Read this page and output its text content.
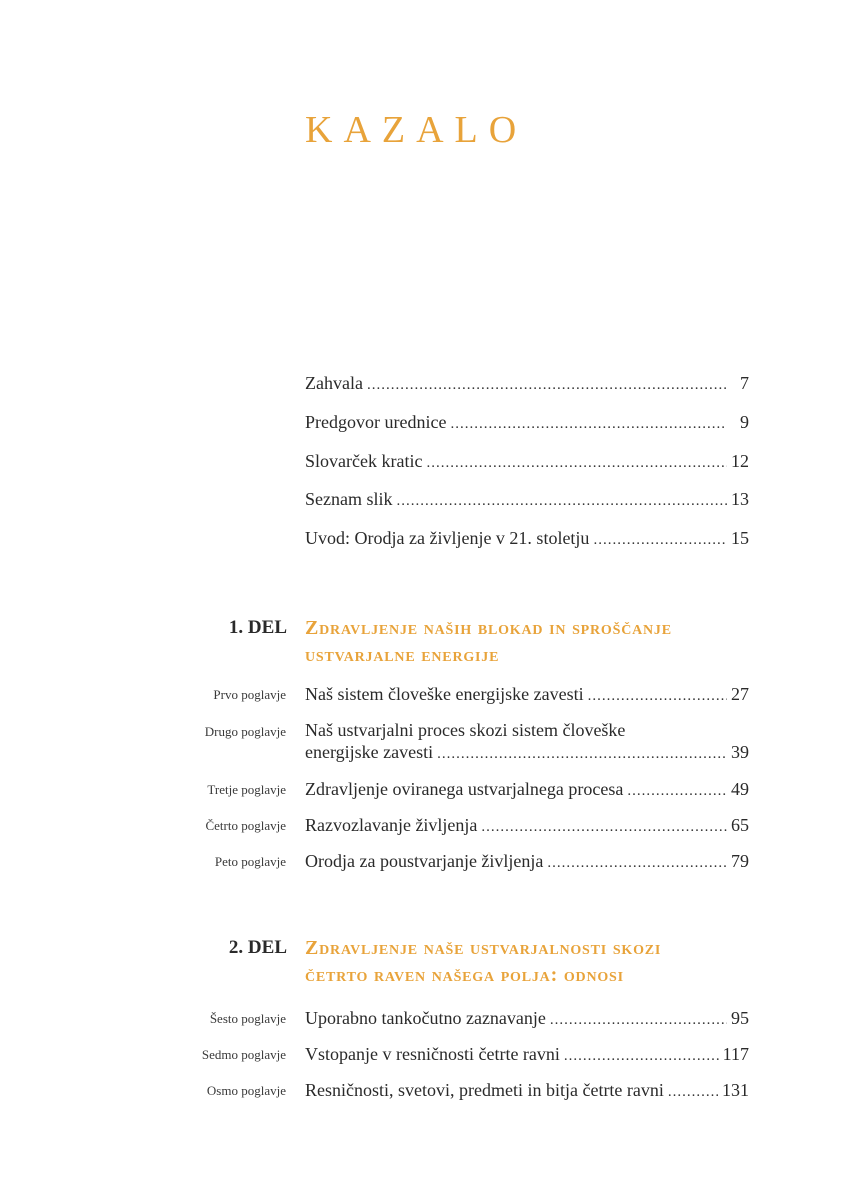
KAZALO
Zahvala .....	7
Predgovor urednice .....	9
Slovarček kratic .....	12
Seznam slik .....	13
Uvod: Orodja za življenje v 21. stoletju .....	15
1. DEL Zdravljenje naših blokad in sproščanje
ustvarjalne energije
Prvo poglavje Naš sistem človeške energijske zavesti .....	27
Drugo poglavje Naš ustvarjalni proces skozi sistem človeške
energijske zavesti .....	39
Tretje poglavje Zdravljenje oviranega ustvarjalnega procesa .....	49
Četrto poglavje Razvozlavanje življenja .....	65
Peto poglavje Orodja za poustvarjanje življenja .....	79
2. DEL Zdravljenje naše ustvarjalnosti skozi
četrto raven našega polja: odnosi
Šesto poglavje Uporabno tankočutno zaznavanje .....	95
Sedmo poglavje Vstopanje v resničnosti četrte ravni .....	117
Osmo poglavje Resničnosti, svetovi, predmeti in bitja četrte ravni .....	131
